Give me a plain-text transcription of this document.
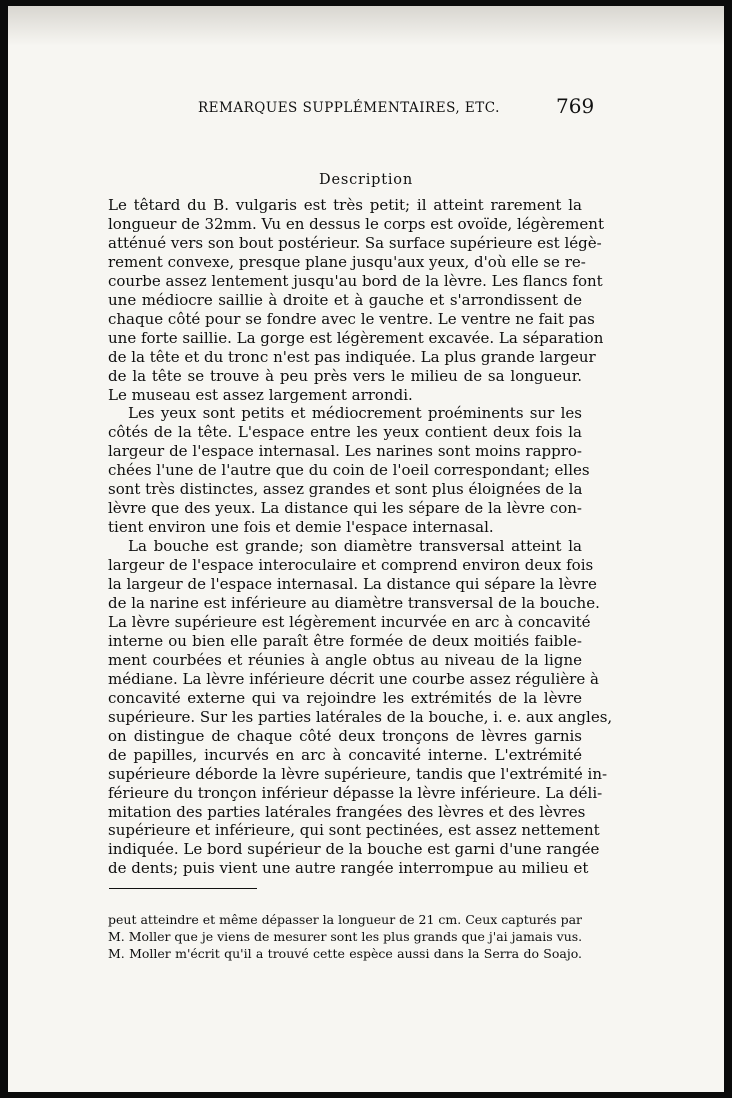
REMARQUES SUPPLÉMENTAIRES, ETC.	769
Description
Le têtard du B. vulgaris est très petit; il atteint rarement la
longueur de 32mm. Vu en dessus le corps est ovoïde, légèrement
atténué vers son bout postérieur. Sa surface supérieure est légè-
rement convexe, presque plane jusqu'aux yeux, d'où elle se re-
courbe assez lentement jusqu'au bord de la lèvre. Les flancs font
une médiocre saillie à droite et à gauche et s'arrondissent de
chaque côté pour se fondre avec le ventre. Le ventre ne fait pas
une forte saillie. La gorge est légèrement excavée. La séparation
de la tête et du tronc n'est pas indiquée. La plus grande largeur
de la tête se trouve à peu près vers le milieu de sa longueur.
Le museau est assez largement arrondi.
Les yeux sont petits et médiocrement proéminents sur les
côtés de la tête. L'espace entre les yeux contient deux fois la
largeur de l'espace internasal. Les narines sont moins rappro-
chées l'une de l'autre que du coin de l'oeil correspondant; elles
sont très distinctes, assez grandes et sont plus éloignées de la
lèvre que des yeux. La distance qui les sépare de la lèvre con-
tient environ une fois et demie l'espace internasal.
La bouche est grande; son diamètre transversal atteint la
largeur de l'espace interoculaire et comprend environ deux fois
la largeur de l'espace internasal. La distance qui sépare la lèvre
de la narine est inférieure au diamètre transversal de la bouche.
La lèvre supérieure est légèrement incurvée en arc à concavité
interne ou bien elle paraît être formée de deux moitiés faible-
ment courbées et réunies à angle obtus au niveau de la ligne
médiane. La lèvre inférieure décrit une courbe assez régulière à
concavité externe qui va rejoindre les extrémités de la lèvre
supérieure. Sur les parties latérales de la bouche, i. e. aux angles,
on distingue de chaque côté deux tronçons de lèvres garnis
de papilles, incurvés en arc à concavité interne. L'extrémité
supérieure déborde la lèvre supérieure, tandis que l'extrémité in-
férieure du tronçon inférieur dépasse la lèvre inférieure. La déli-
mitation des parties latérales frangées des lèvres et des lèvres
supérieure et inférieure, qui sont pectinées, est assez nettement
indiquée. Le bord supérieur de la bouche est garni d'une rangée
de dents; puis vient une autre rangée interrompue au milieu et
peut atteindre et même dépasser la longueur de 21 cm. Ceux capturés par
M. Moller que je viens de mesurer sont les plus grands que j'ai jamais vus.
M. Moller m'écrit qu'il a trouvé cette espèce aussi dans la Serra do Soajo.
